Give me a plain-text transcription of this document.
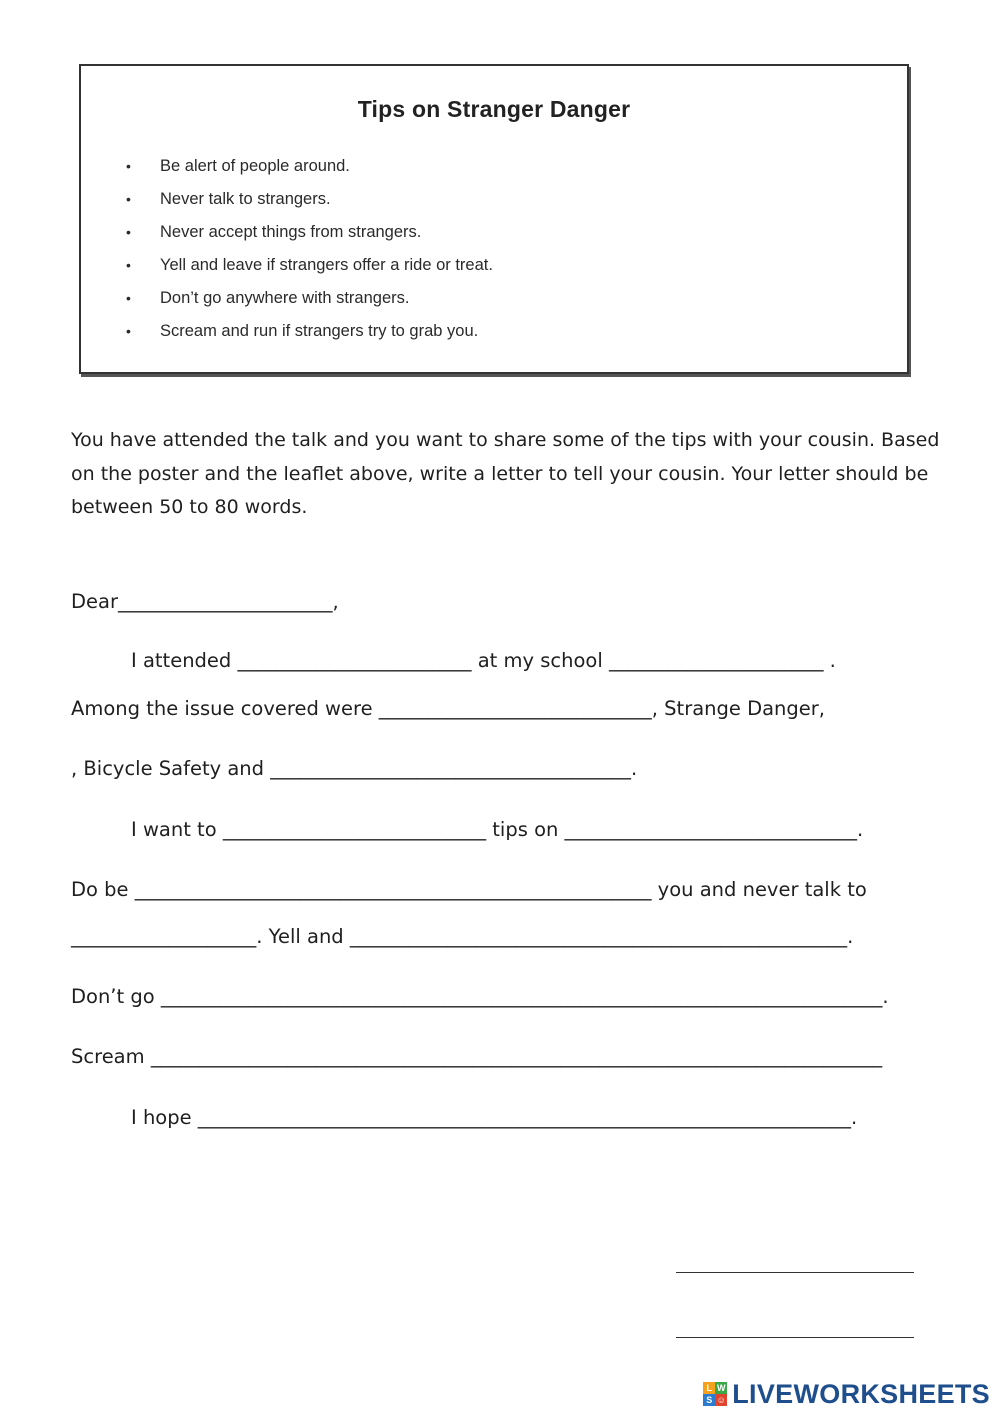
Tips on Stranger Danger
• Be alert of people around.
• Never talk to strangers.
• Never accept things from strangers.
• Yell and leave if strangers offer a ride or treat.
• Don’t go anywhere with strangers.
• Scream and run if strangers try to grab you.

You have attended the talk and you want to share some of the tips with your cousin. Based on the poster and the leaflet above, write a letter to tell your cousin. Your letter should be between 50 to 80 words.

Dear______________________,
I attended ________________________ at my school ______________________ .
Among the issue covered were ____________________________, Strange Danger,
, Bicycle Safety and _____________________________________.
I want to ___________________________ tips on ______________________________.
Do be _____________________________________________________ you and never talk to
___________________. Yell and ___________________________________________________.
Don’t go __________________________________________________________________________.
Scream ___________________________________________________________________________
I hope ___________________________________________________________________.
L W
S ☺ LIVEWORKSHEETS
